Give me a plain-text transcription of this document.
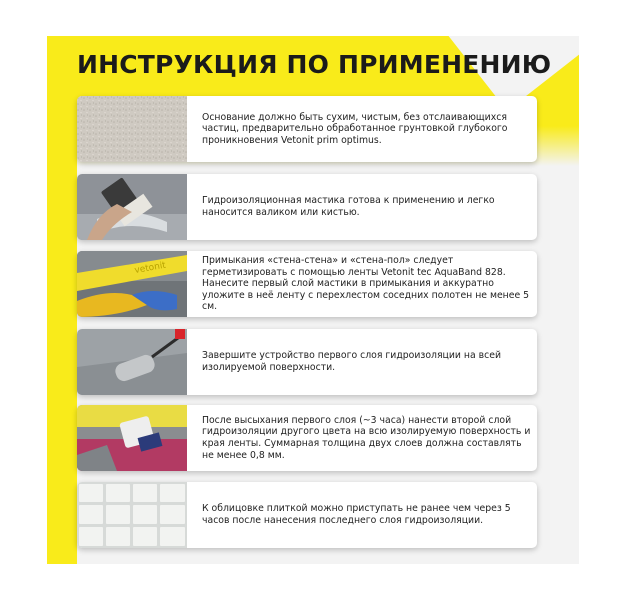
ИНСТРУКЦИЯ ПО ПРИМЕНЕНИЮ
Основание должно быть сухим, чистым, без отслаивающихся частиц, предварительно обработанное грунтовкой глубокого проникновения Vetonit prim optimus.
Гидроизоляционная мастика готова к применению и легко наносится валиком или кистью.
vetonit
Примыкания «стена-стена» и «стена-пол» следует герметизировать с помощью ленты Vetonit tec AquaBand 828. Нанесите первый слой мастики в примыкания и аккуратно уложите в неё ленту с перехлестом соседних полотен не менее 5 см.
Завершите устройство первого слоя гидроизоляции на всей изолируемой поверхности.
После высыхания первого слоя (~3 часа) нанести второй слой гидроизоляции другого цвета на всю изолируемую поверхность и края ленты. Суммарная толщина двух слоев должна составлять не менее 0,8 мм.
К облицовке плиткой можно приступать не ранее чем через 5 часов после нанесения последнего слоя гидроизоляции.
